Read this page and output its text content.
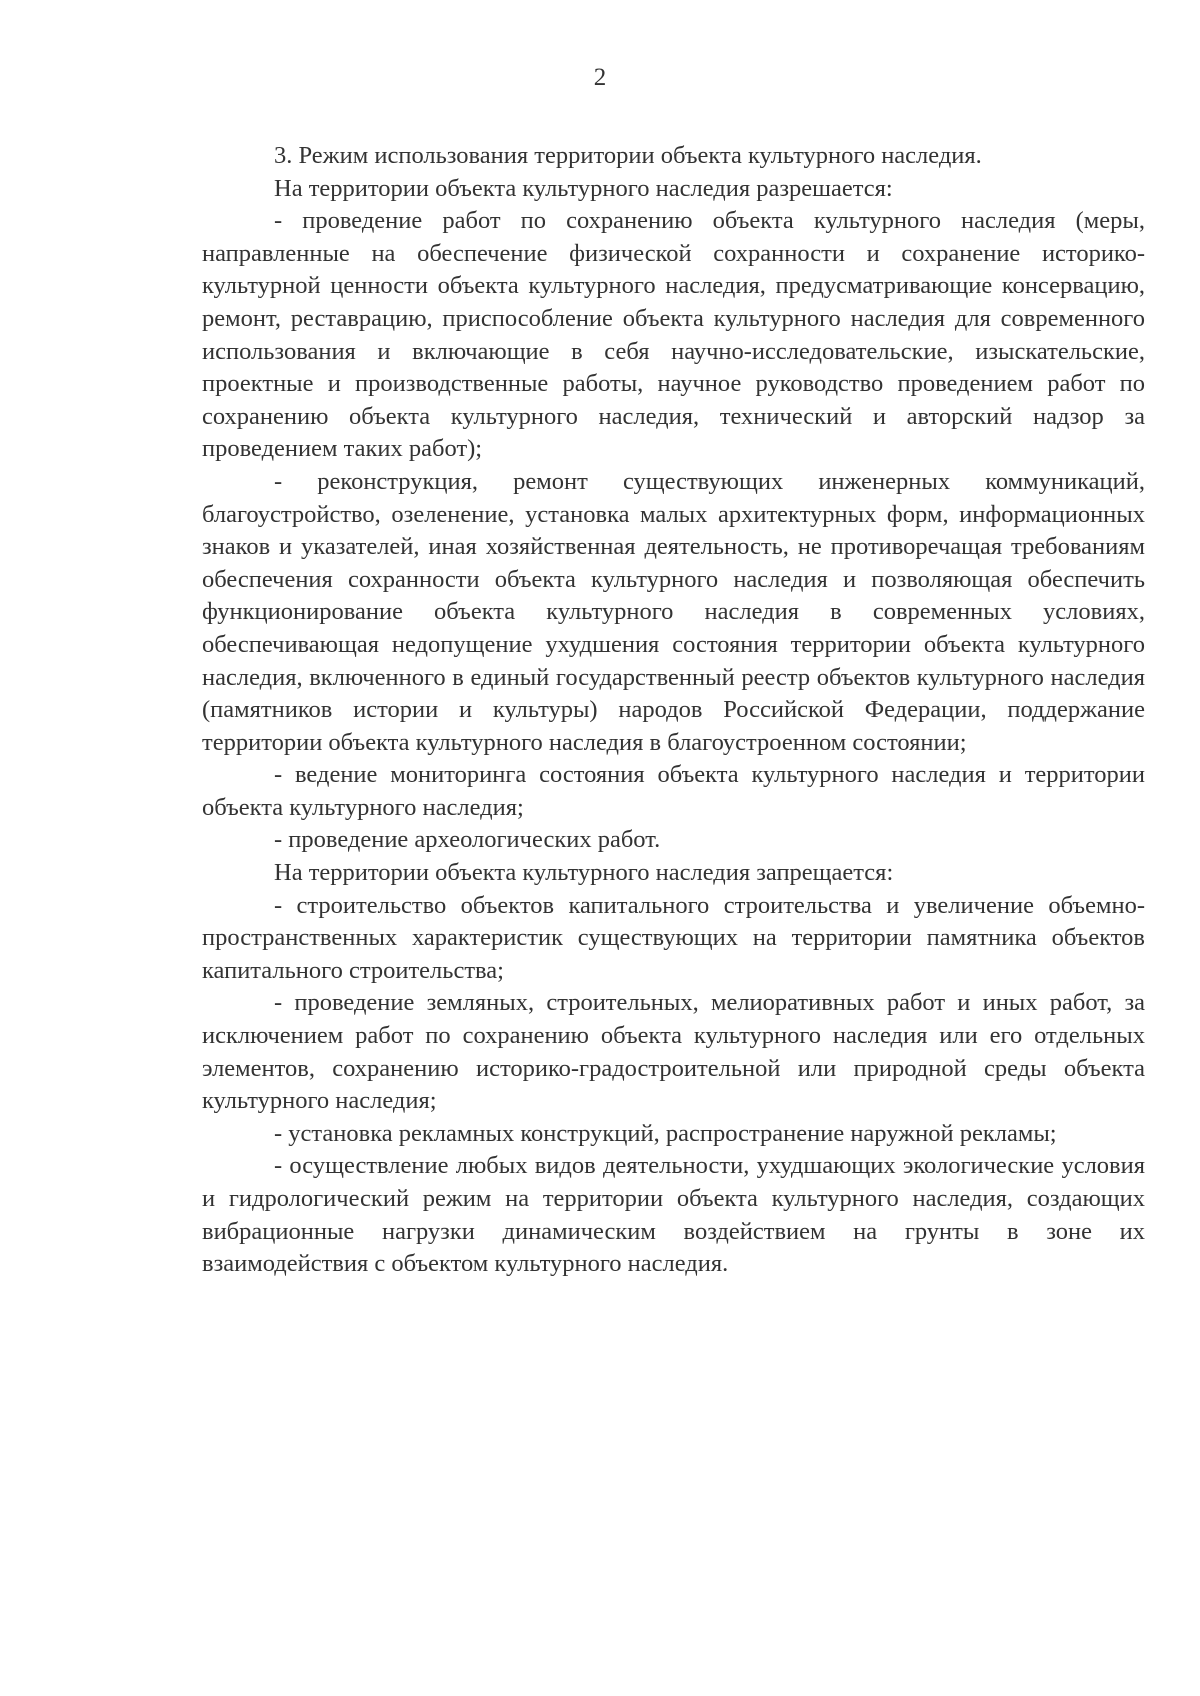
2

3. Режим использования территории объекта культурного наследия.

На территории объекта культурного наследия разрешается:

- проведение работ по сохранению объекта культурного наследия (меры, направленные на обеспечение физической сохранности и сохранение историко-культурной ценности объекта культурного наследия, предусматривающие консервацию, ремонт, реставрацию, приспособление объекта культурного наследия для современного использования и включающие в себя научно-исследовательские, изыскательские, проектные и производственные работы, научное руководство проведением работ по сохранению объекта культурного наследия, технический и авторский надзор за проведением таких работ);

- реконструкция, ремонт существующих инженерных коммуникаций, благоустройство, озеленение, установка малых архитектурных форм, информационных знаков и указателей, иная хозяйственная деятельность, не противоречащая требованиям обеспечения сохранности объекта культурного наследия и позволяющая обеспечить функционирование объекта культурного наследия в современных условиях, обеспечивающая недопущение ухудшения состояния территории объекта культурного наследия, включенного в единый государственный реестр объектов культурного наследия (памятников истории и культуры) народов Российской Федерации, поддержание территории объекта культурного наследия в благоустроенном состоянии;

- ведение мониторинга состояния объекта культурного наследия и территории объекта культурного наследия;

- проведение археологических работ.

На территории объекта культурного наследия запрещается:

- строительство объектов капитального строительства и увеличение объемно-пространственных характеристик существующих на территории памятника объектов капитального строительства;

- проведение земляных, строительных, мелиоративных работ и иных работ, за исключением работ по сохранению объекта культурного наследия или его отдельных элементов, сохранению историко-градостроительной или природной среды объекта культурного наследия;

- установка рекламных конструкций, распространение наружной рекламы;

- осуществление любых видов деятельности, ухудшающих экологические условия и гидрологический режим на территории объекта культурного наследия, создающих вибрационные нагрузки динамическим воздействием на грунты в зоне их взаимодействия с объектом культурного наследия.
